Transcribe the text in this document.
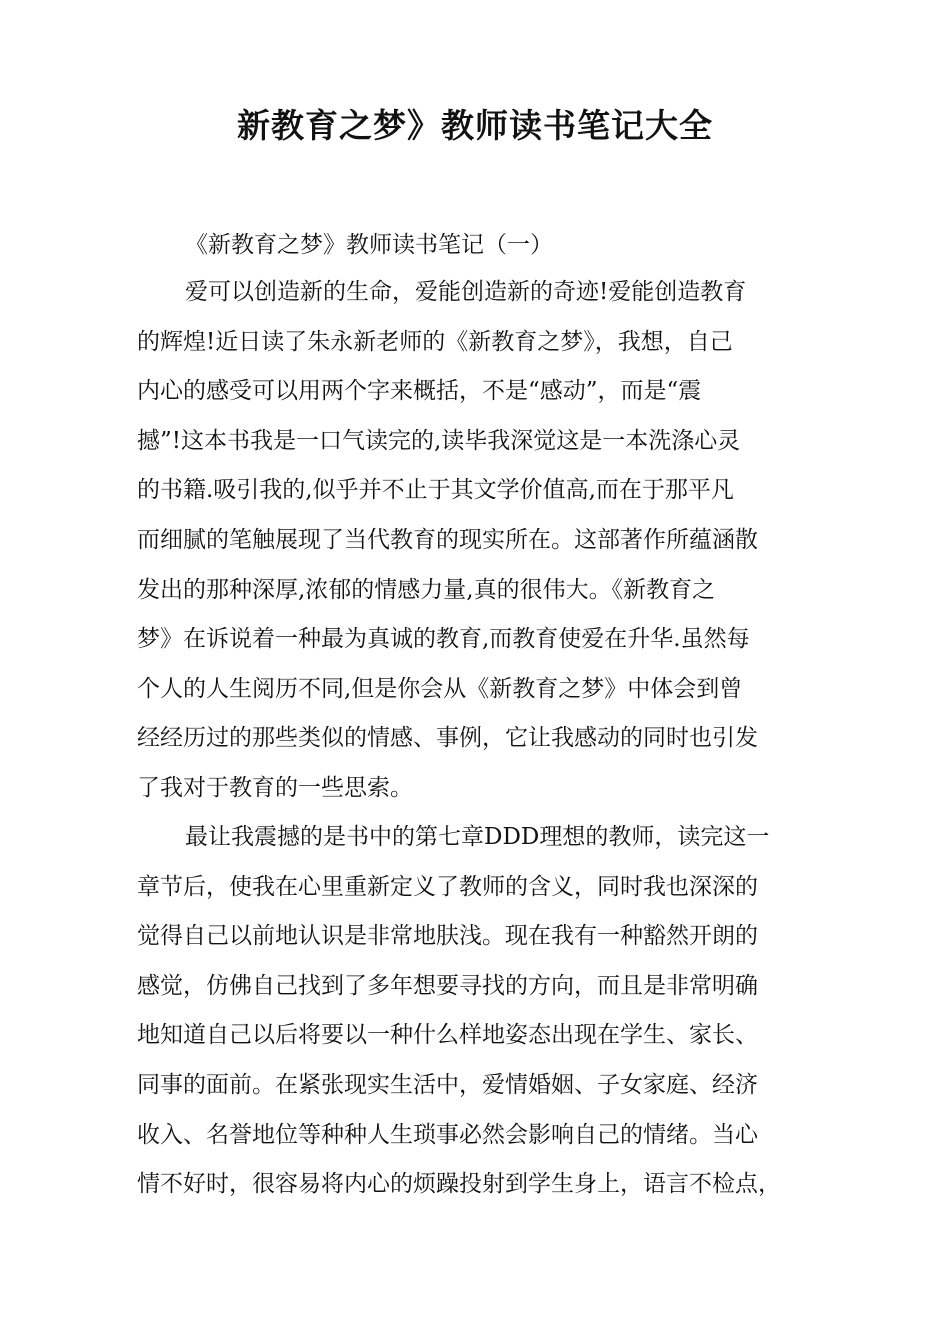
新教育之梦》教师读书笔记大全
《新教育之梦》教师读书笔记（一）
爱可以创造新的生命，爱能创造新的奇迹!爱能创造教育
的辉煌!近日读了朱永新老师的《新教育之梦》，我想，自己
内心的感受可以用两个字来概括，不是“感动”，而是“震
撼”!这本书我是一口气读完的,读毕我深觉这是一本洗涤心灵
的书籍.吸引我的,似乎并不止于其文学价值高,而在于那平凡
而细腻的笔触展现了当代教育的现实所在。这部著作所蕴涵散
发出的那种深厚,浓郁的情感力量,真的很伟大。《新教育之
梦》在诉说着一种最为真诚的教育,而教育使爱在升华.虽然每
个人的人生阅历不同,但是你会从《新教育之梦》中体会到曾
经经历过的那些类似的情感、事例，它让我感动的同时也引发
了我对于教育的一些思索。
最让我震撼的是书中的第七章DDD理想的教师，读完这一
章节后，使我在心里重新定义了教师的含义，同时我也深深的
觉得自己以前地认识是非常地肤浅。现在我有一种豁然开朗的
感觉，仿佛自己找到了多年想要寻找的方向，而且是非常明确
地知道自己以后将要以一种什么样地姿态出现在学生、家长、
同事的面前。在紧张现实生活中，爱情婚姻、子女家庭、经济
收入、名誉地位等种种人生琐事必然会影响自己的情绪。当心
情不好时，很容易将内心的烦躁投射到学生身上，语言不检点，
